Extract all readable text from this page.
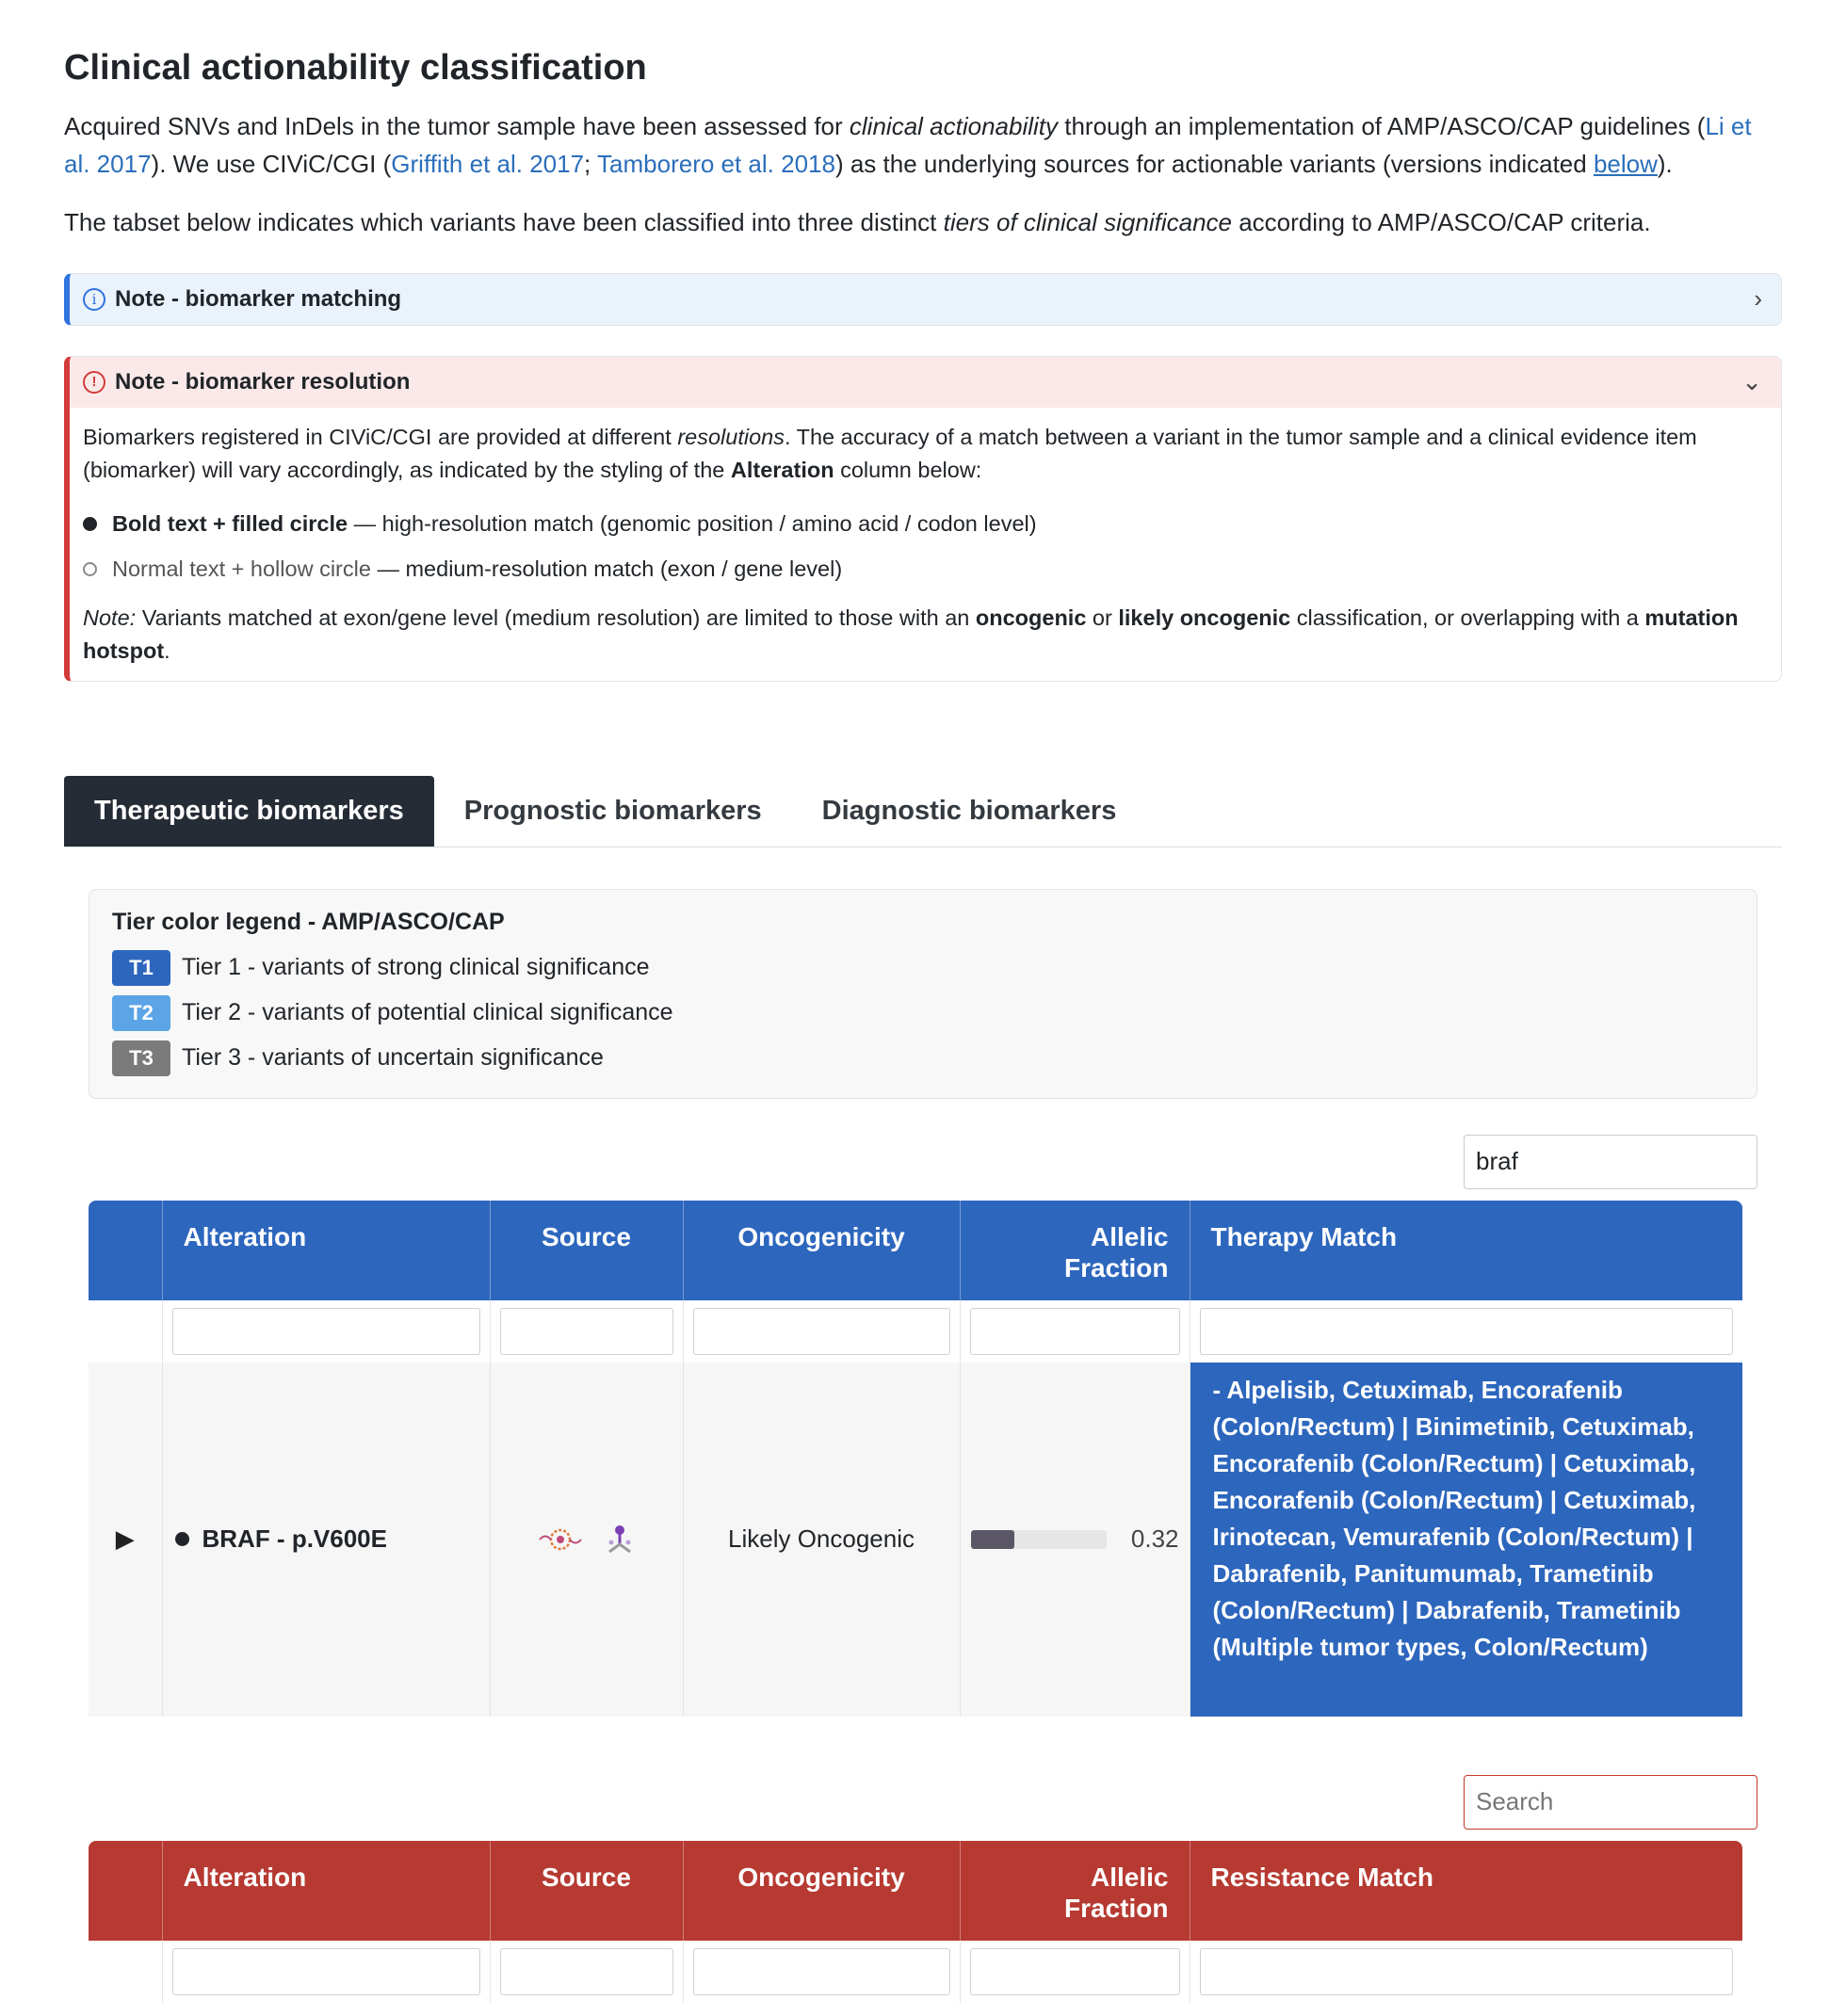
Clinical actionability classification

Acquired SNVs and InDels in the tumor sample have been assessed for clinical actionability through an implementation of AMP/ASCO/CAP guidelines (Li et al. 2017). We use CIViC/CGI (Griffith et al. 2017; Tamborero et al. 2018) as the underlying sources for actionable variants (versions indicated below).

The tabset below indicates which variants have been classified into three distinct tiers of clinical significance according to AMP/ASCO/CAP criteria.

i Note - biomarker matching	›
! Note - biomarker resolution	⌄

Biomarkers registered in CIViC/CGI are provided at different resolutions. The accuracy of a match between a variant in the tumor sample and a clinical evidence item (biomarker) will vary accordingly, as indicated by the styling of the Alteration column below:

Bold text + filled circle — high-resolution match (genomic position / amino acid / codon level)
Normal text + hollow circle — medium-resolution match (exon / gene level)

Note: Variants matched at exon/gene level (medium resolution) are limited to those with an oncogenic or likely oncogenic classification, or overlapping with a mutation hotspot.

Therapeutic biomarkers	Prognostic biomarkers	Diagnostic biomarkers
Tier color legend - AMP/ASCO/CAP
T1	Tier 1 - variants of strong clinical significance
T2	Tier 2 - variants of potential clinical significance
T3	Tier 3 - variants of uncertain significance
braf
	Alteration	Source	Oncogenicity	Allelic Fraction	Therapy Match

▶	BRAF - p.V600E		Likely Oncogenic	0.32	- Alpelisib, Cetuximab, Encorafenib (Colon/Rectum) | Binimetinib, Cetuximab, Encorafenib (Colon/Rectum) | Cetuximab, Encorafenib (Colon/Rectum) | Cetuximab, Irinotecan, Vemurafenib (Colon/Rectum) | Dabrafenib, Panitumumab, Trametinib (Colon/Rectum) | Dabrafenib, Trametinib (Multiple tumor types, Colon/Rectum)
Search
	Alteration	Source	Oncogenicity	Allelic Fraction	Resistance Match
